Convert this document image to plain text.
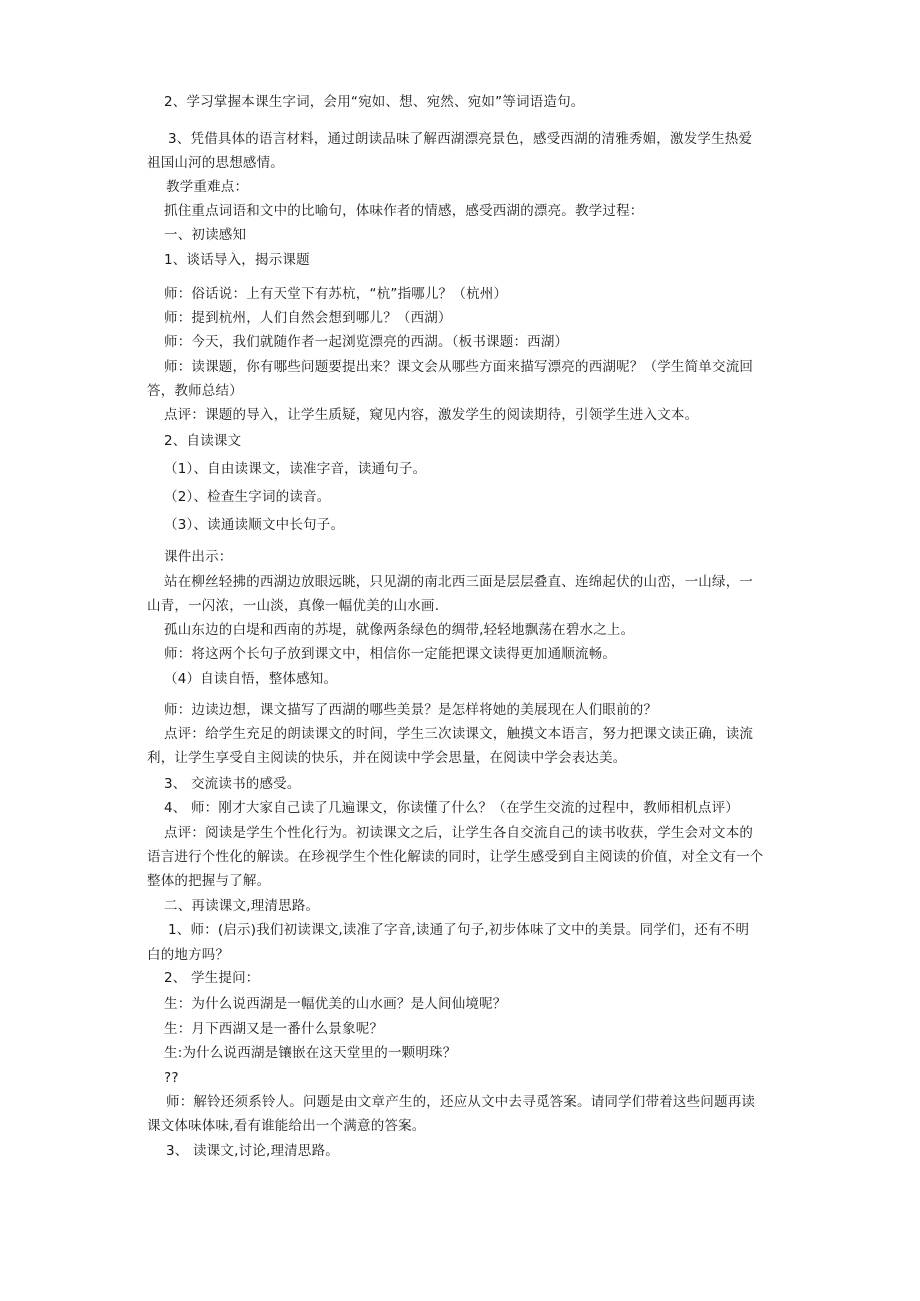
2、学习掌握本课生字词，会用“宛如、想、宛然、宛如”等词语造句。
3、凭借具体的语言材料，通过朗读品味了解西湖漂亮景色，感受西湖的清雅秀媚，激发学生热爱
祖国山河的思想感情。
教学重难点：
抓住重点词语和文中的比喻句，体味作者的情感，感受西湖的漂亮。教学过程：
一、初读感知
1、谈话导入，揭示课题
师：俗话说：上有天堂下有苏杭，“杭”指哪儿？（杭州）
师：提到杭州，人们自然会想到哪儿？（西湖）
师：今天，我们就随作者一起浏览漂亮的西湖。（板书课题：西湖）
师：读课题，你有哪些问题要提出来？课文会从哪些方面来描写漂亮的西湖呢？（学生简单交流回
答，教师总结）
点评：课题的导入，让学生质疑，窥见内容，激发学生的阅读期待，引领学生进入文本。
2、自读课文
（1）、自由读课文，读准字音，读通句子。
（2）、检查生字词的读音。
（3）、读通读顺文中长句子。
课件出示：
站在柳丝轻拂的西湖边放眼远眺，只见湖的南北西三面是层层叠直、连绵起伏的山峦，一山绿，一
山青，一闪浓，一山淡，真像一幅优美的山水画.
孤山东边的白堤和西南的苏堤，就像两条绿色的绸带,轻轻地飘荡在碧水之上。
师：将这两个长句子放到课文中，相信你一定能把课文读得更加通顺流畅。
（4）自读自悟，整体感知。
师：边读边想，课文描写了西湖的哪些美景？是怎样将她的美展现在人们眼前的？
点评：给学生充足的朗读课文的时间，学生三次读课文，触摸文本语言，努力把课文读正确，读流
利，让学生享受自主阅读的快乐，并在阅读中学会思量，在阅读中学会表达美。
3、 交流读书的感受。
4、 师：刚才大家自己读了几遍课文，你读懂了什么？（在学生交流的过程中，教师相机点评）
点评：阅读是学生个性化行为。初读课文之后，让学生各自交流自己的读书收获，学生会对文本的
语言进行个性化的解读。在珍视学生个性化解读的同时，让学生感受到自主阅读的价值，对全文有一个
整体的把握与了解。
二、再读课文,理清思路。
1、师：(启示)我们初读课文,读准了字音,读通了句子,初步体味了文中的美景。同学们，还有不明
白的地方吗？
2、 学生提问：
生：为什么说西湖是一幅优美的山水画？是人间仙境呢？
生：月下西湖又是一番什么景象呢？
生:为什么说西湖是镶嵌在这天堂里的一颗明珠？
??
师：解铃还须系铃人。问题是由文章产生的，还应从文中去寻觅答案。请同学们带着这些问题再读
课文体味体味,看有谁能给出一个满意的答案。
3、 读课文,讨论,理清思路。
